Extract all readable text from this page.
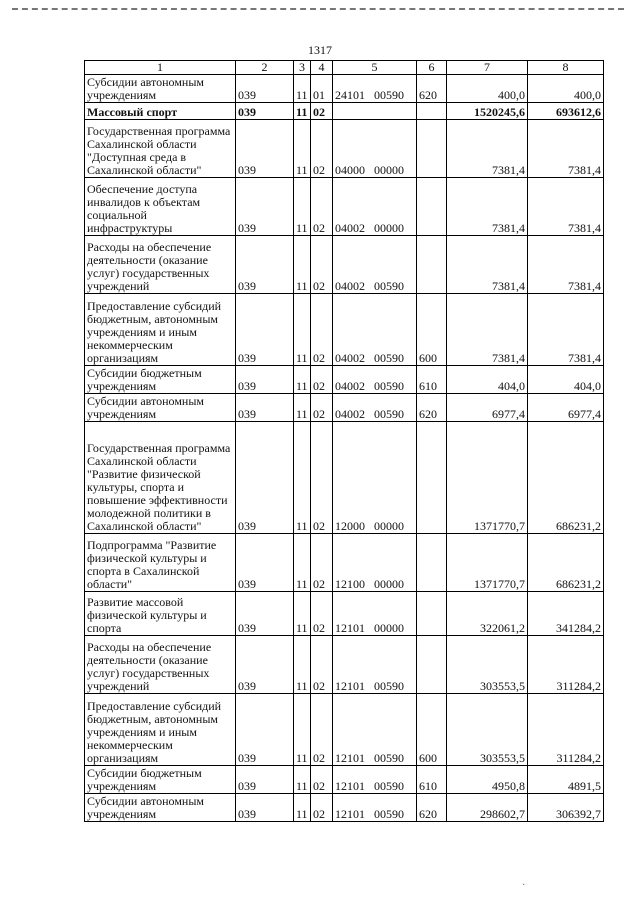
1317
1	2	3	4	5	6	7	8
Субсидии автономным учреждениям	039	11	01	24101 00590	620	400,0	400,0
Массовый спорт	039	11	02			1520245,6	693612,6
Государственная программа Сахалинской области "Доступная среда в Сахалинской области"	039	11	02	04000 00000		7381,4	7381,4
Обеспечение доступа инвалидов к объектам социальной инфраструктуры	039	11	02	04002 00000		7381,4	7381,4
Расходы на обеспечение деятельности (оказание услуг) государственных учреждений	039	11	02	04002 00590		7381,4	7381,4
Предоставление субсидий бюджетным, автономным учреждениям и иным некоммерческим организациям	039	11	02	04002 00590	600	7381,4	7381,4
Субсидии бюджетным учреждениям	039	11	02	04002 00590	610	404,0	404,0
Субсидии автономным учреждениям	039	11	02	04002 00590	620	6977,4	6977,4
Государственная программа Сахалинской области "Развитие физической культуры, спорта и повышение эффективности молодежной политики в Сахалинской области"	039	11	02	12000 00000		1371770,7	686231,2
Подпрограмма "Развитие физической культуры и спорта в Сахалинской области"	039	11	02	12100 00000		1371770,7	686231,2
Развитие массовой физической культуры и спорта	039	11	02	12101 00000		322061,2	341284,2
Расходы на обеспечение деятельности (оказание услуг) государственных учреждений	039	11	02	12101 00590		303553,5	311284,2
Предоставление субсидий бюджетным, автономным учреждениям и иным некоммерческим организациям	039	11	02	12101 00590	600	303553,5	311284,2
Субсидии бюджетным учреждениям	039	11	02	12101 00590	610	4950,8	4891,5
Субсидии автономным учреждениям	039	11	02	12101 00590	620	298602,7	306392,7
·
